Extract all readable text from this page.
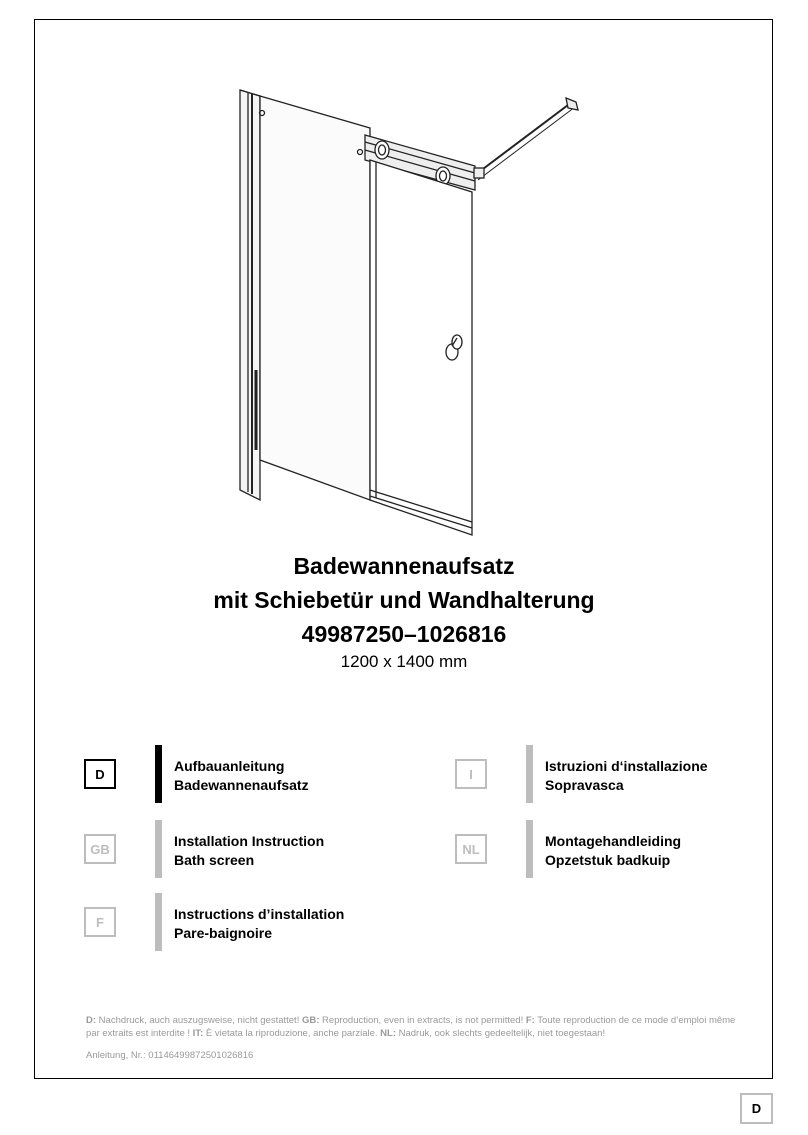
Badewannenaufsatz
mit Schiebetür und Wandhalterung
49987250–1026816
1200 x 1400 mm
D	Aufbauanleitung
Badewannenaufsatz
GB	Installation Instruction
Bath screen
F	Instructions d’installation
Pare-baignoire
I	Istruzioni d‘installazione
Sopravasca
NL	Montagehandleiding
Opzetstuk badkuip
D: Nachdruck, auch auszugsweise, nicht gestattet! GB: Reproduction, even in extracts, is not permitted! F: Toute reproduction de ce mode d’emploi même par extraits est interdite ! IT: È vietata la riproduzione, anche parziale. NL: Nadruk, ook slechts gedeeltelijk, niet toegestaan!
Anleitung, Nr.: 01146499872501026816
D
